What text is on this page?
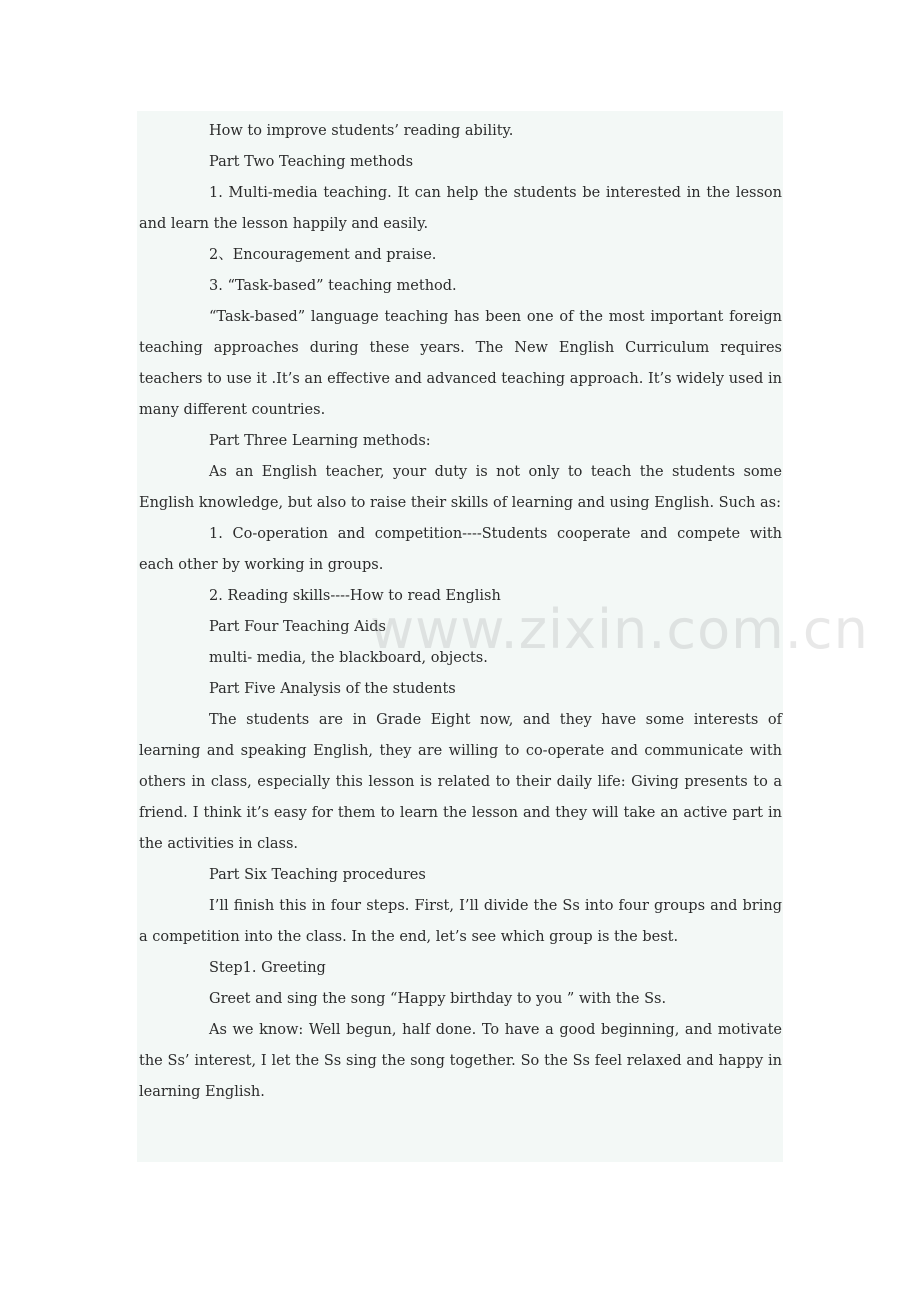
How to improve students’ reading ability.

Part Two Teaching methods

1. Multi-media teaching. It can help the students be interested in the lesson and learn the lesson happily and easily.

2、Encouragement and praise.

3. “Task-based” teaching method.

“Task-based” language teaching has been one of the most important foreign teaching approaches during these years. The New English Curriculum requires teachers to use it .It’s an effective and advanced teaching approach. It’s widely used in many different countries.

Part Three Learning methods:

As an English teacher, your duty is not only to teach the students some English knowledge, but also to raise their skills of learning and using English. Such as:

1. Co-operation and competition----Students cooperate and compete with each other by working in groups.

2. Reading skills----How to read English

Part Four Teaching Aids

multi- media, the blackboard, objects.

Part Five Analysis of the students

The students are in Grade Eight now, and they have some interests of learning and speaking English, they are willing to co-operate and communicate with others in class, especially this lesson is related to their daily life: Giving presents to a friend. I think it’s easy for them to learn the lesson and they will take an active part in the activities in class.

Part Six Teaching procedures

I’ll finish this in four steps. First, I’ll divide the Ss into four groups and bring a competition into the class. In the end, let’s see which group is the best.

Step1. Greeting

Greet and sing the song “Happy birthday to you ” with the Ss.

As we know: Well begun, half done. To have a good beginning, and motivate the Ss’ interest, I let the Ss sing the song together. So the Ss feel relaxed and happy in learning English.

www.zixin.com.cn
